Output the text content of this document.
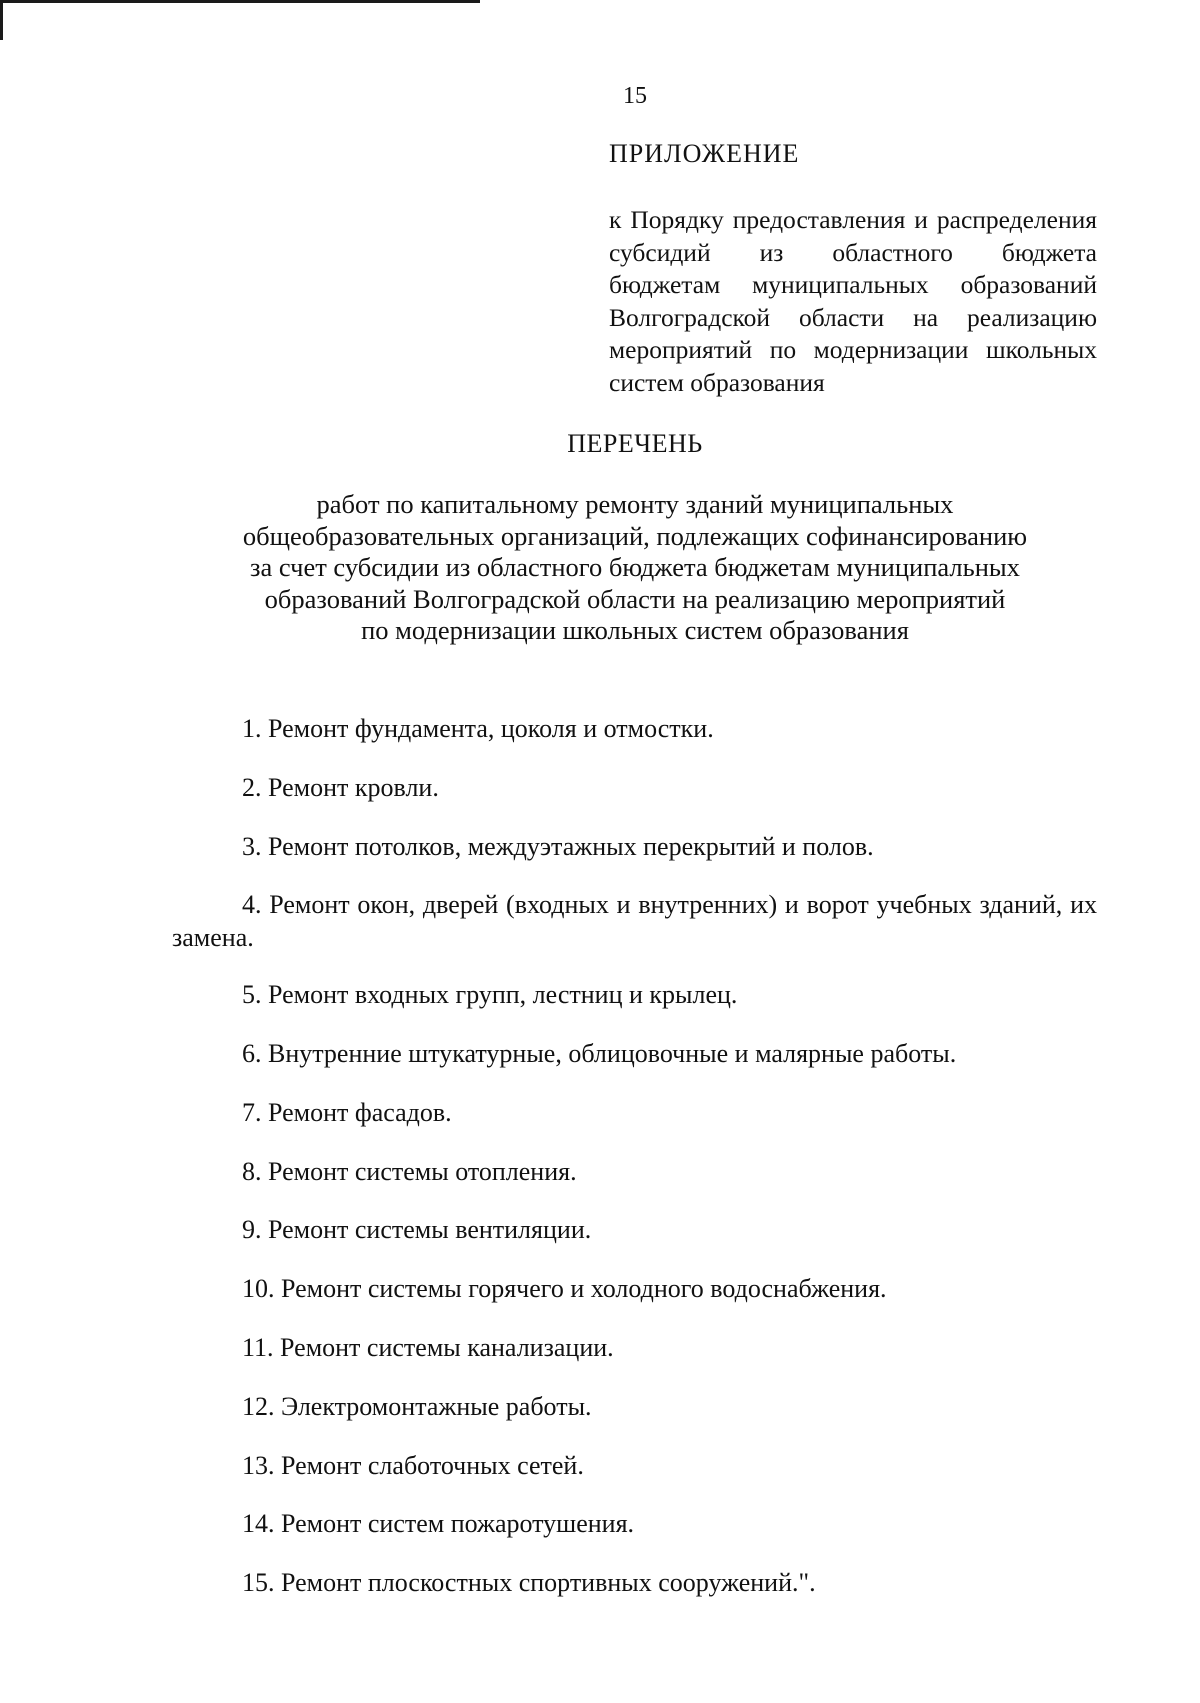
15
ПРИЛОЖЕНИЕ
к Порядку предоставления и распределения
субсидий из областного бюджета
бюджетам муниципальных образований
Волгоградской области на реализацию
мероприятий по модернизации школьных
систем образования
ПЕРЕЧЕНЬ
работ по капитальному ремонту зданий муниципальных
общеобразовательных организаций, подлежащих софинансированию
за счет субсидии из областного бюджета бюджетам муниципальных
образований Волгоградской области на реализацию мероприятий
по модернизации школьных систем образования
1. Ремонт фундамента, цоколя и отмостки.
2. Ремонт кровли.
3. Ремонт потолков, междуэтажных перекрытий и полов.
4. Ремонт окон, дверей (входных и внутренних) и ворот учебных зданий, их замена.
5. Ремонт входных групп, лестниц и крылец.
6. Внутренние штукатурные, облицовочные и малярные работы.
7. Ремонт фасадов.
8. Ремонт системы отопления.
9. Ремонт системы вентиляции.
10. Ремонт системы горячего и холодного водоснабжения.
11. Ремонт системы канализации.
12. Электромонтажные работы.
13. Ремонт слаботочных сетей.
14. Ремонт систем пожаротушения.
15. Ремонт плоскостных спортивных сооружений.".
